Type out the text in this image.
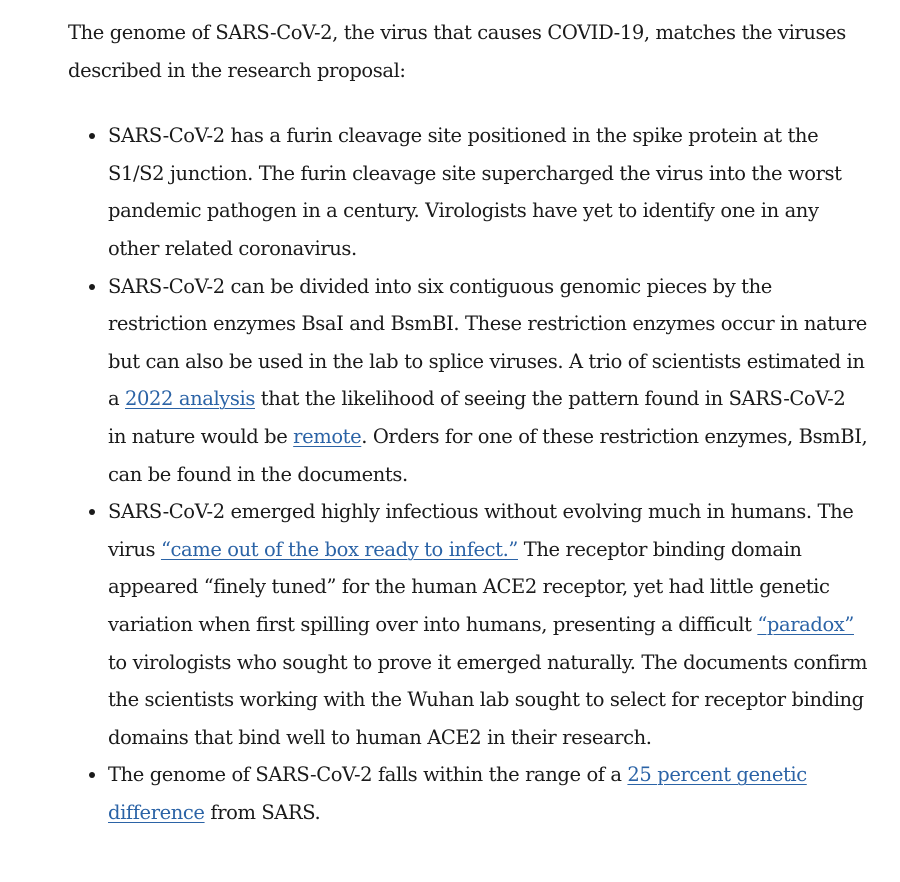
The genome of SARS-CoV-2, the virus that causes COVID-19, matches the viruses described in the research proposal:

SARS-CoV-2 has a furin cleavage site positioned in the spike protein at the S1/S2 junction. The furin cleavage site supercharged the virus into the worst pandemic pathogen in a century. Virologists have yet to identify one in any other related coronavirus.
SARS-CoV-2 can be divided into six contiguous genomic pieces by the restriction enzymes BsaI and BsmBI. These restriction enzymes occur in nature but can also be used in the lab to splice viruses. A trio of scientists estimated in a 2022 analysis that the likelihood of seeing the pattern found in SARS-CoV-2 in nature would be remote. Orders for one of these restriction enzymes, BsmBI, can be found in the documents.
SARS-CoV-2 emerged highly infectious without evolving much in humans. The virus “came out of the box ready to infect.” The receptor binding domain appeared “finely tuned” for the human ACE2 receptor, yet had little genetic variation when first spilling over into humans, presenting a difficult “paradox” to virologists who sought to prove it emerged naturally. The documents confirm the scientists working with the Wuhan lab sought to select for receptor binding domains that bind well to human ACE2 in their research.
The genome of SARS-CoV-2 falls within the range of a 25 percent genetic difference from SARS.
